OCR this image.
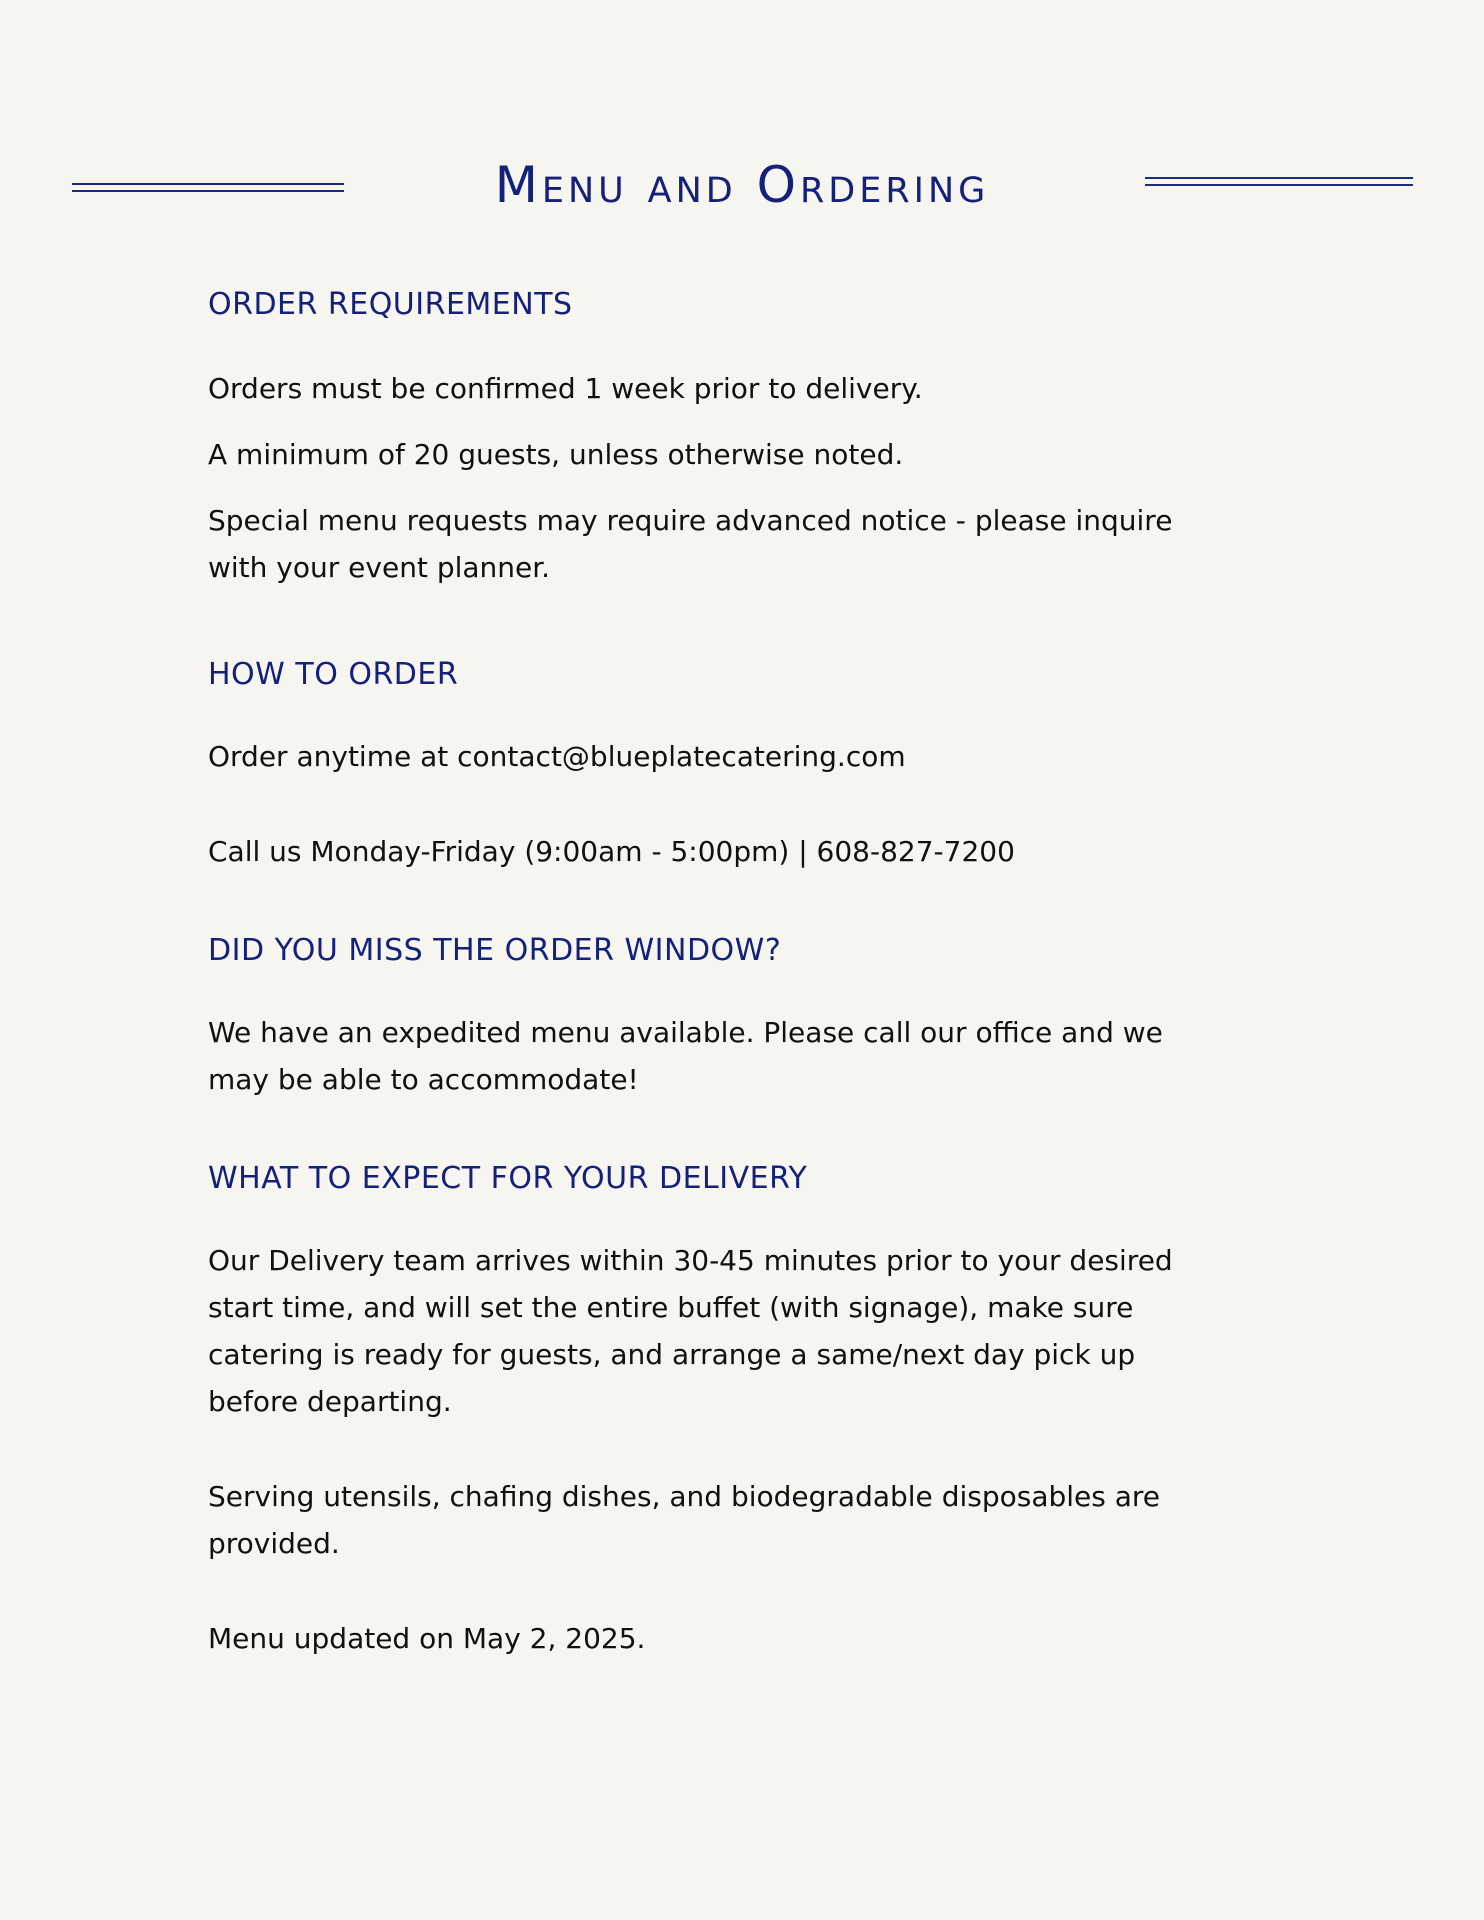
Menu and Ordering
ORDER REQUIREMENTS

Orders must be confirmed 1 week prior to delivery.

A minimum of 20 guests, unless otherwise noted.

Special menu requests may require advanced notice - please inquire with your event planner.

HOW TO ORDER

Order anytime at contact@blueplatecatering.com

Call us Monday-Friday (9:00am - 5:00pm) | 608-827-7200

DID YOU MISS THE ORDER WINDOW?

We have an expedited menu available. Please call our office and we may be able to accommodate!

WHAT TO EXPECT FOR YOUR DELIVERY

Our Delivery team arrives within 30-45 minutes prior to your desired start time, and will set the entire buffet (with signage), make sure catering is ready for guests, and arrange a same/next day pick up before departing.

Serving utensils, chafing dishes, and biodegradable disposables are provided.

Menu updated on May 2, 2025.
